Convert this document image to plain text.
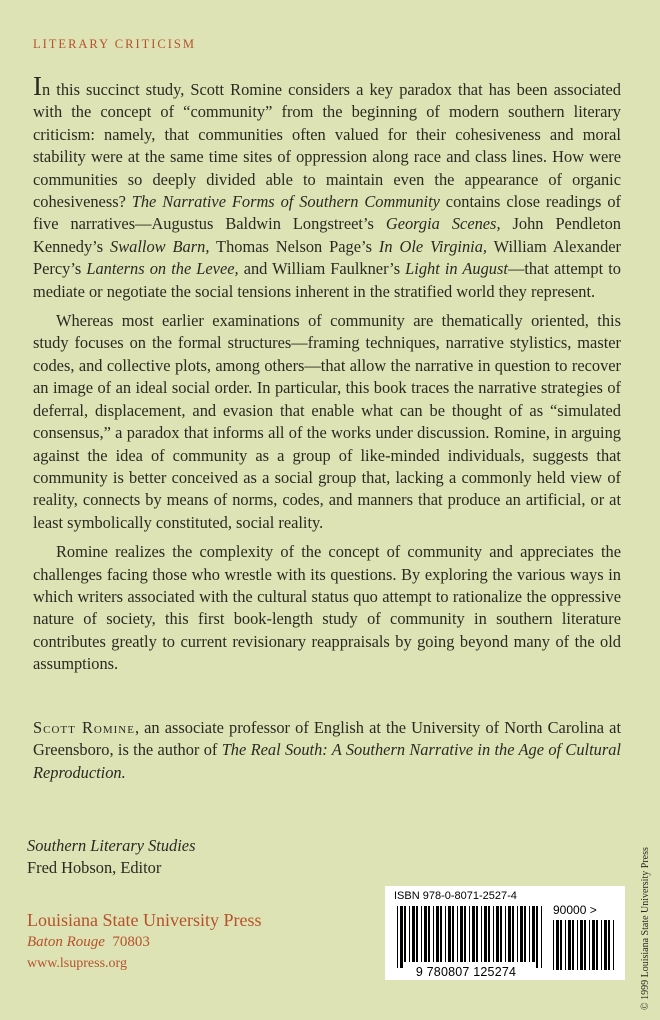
LITERARY CRITICISM

In this succinct study, Scott Romine considers a key paradox that has been associated with the concept of “community” from the beginning of modern southern literary criticism: namely, that communities often valued for their cohesiveness and moral stability were at the same time sites of oppression along race and class lines. How were communities so deeply divided able to maintain even the appearance of organic cohesiveness? The Narrative Forms of Southern Community contains close readings of five narratives—Augustus Baldwin Longstreet’s Georgia Scenes, John Pendleton Kennedy’s Swallow Barn, Thomas Nelson Page’s In Ole Virginia, William Alexander Percy’s Lanterns on the Levee, and William Faulkner’s Light in August—that attempt to mediate or negotiate the social tensions inherent in the stratified world they represent.

Whereas most earlier examinations of community are thematically oriented, this study focuses on the formal structures—framing techniques, narrative stylistics, master codes, and collective plots, among others—that allow the narrative in question to recover an image of an ideal social order. In particular, this book traces the narrative strategies of deferral, displacement, and evasion that enable what can be thought of as “simulated consensus,” a paradox that informs all of the works under discussion. Romine, in arguing against the idea of community as a group of like-minded individuals, suggests that community is better conceived as a social group that, lacking a commonly held view of reality, connects by means of norms, codes, and manners that produce an artificial, or at least symbolically constituted, social reality.

Romine realizes the complexity of the concept of community and appreciates the challenges facing those who wrestle with its questions. By exploring the various ways in which writers associated with the cultural status quo attempt to rationalize the oppressive nature of society, this first book-length study of community in southern literature contributes greatly to current revisionary reappraisals by going beyond many of the old assumptions.

Scott Romine, an associate professor of English at the University of North Carolina at Greensboro, is the author of The Real South: A Southern Narrative in the Age of Cultural Reproduction.
Southern Literary Studies
Fred Hobson, Editor
Louisiana State University Press
Baton Rouge 70803
www.lsupress.org	© 1999 Louisiana State University Press
ISBN 978-0-8071-2527-4
9 780807 125274
90000 >
